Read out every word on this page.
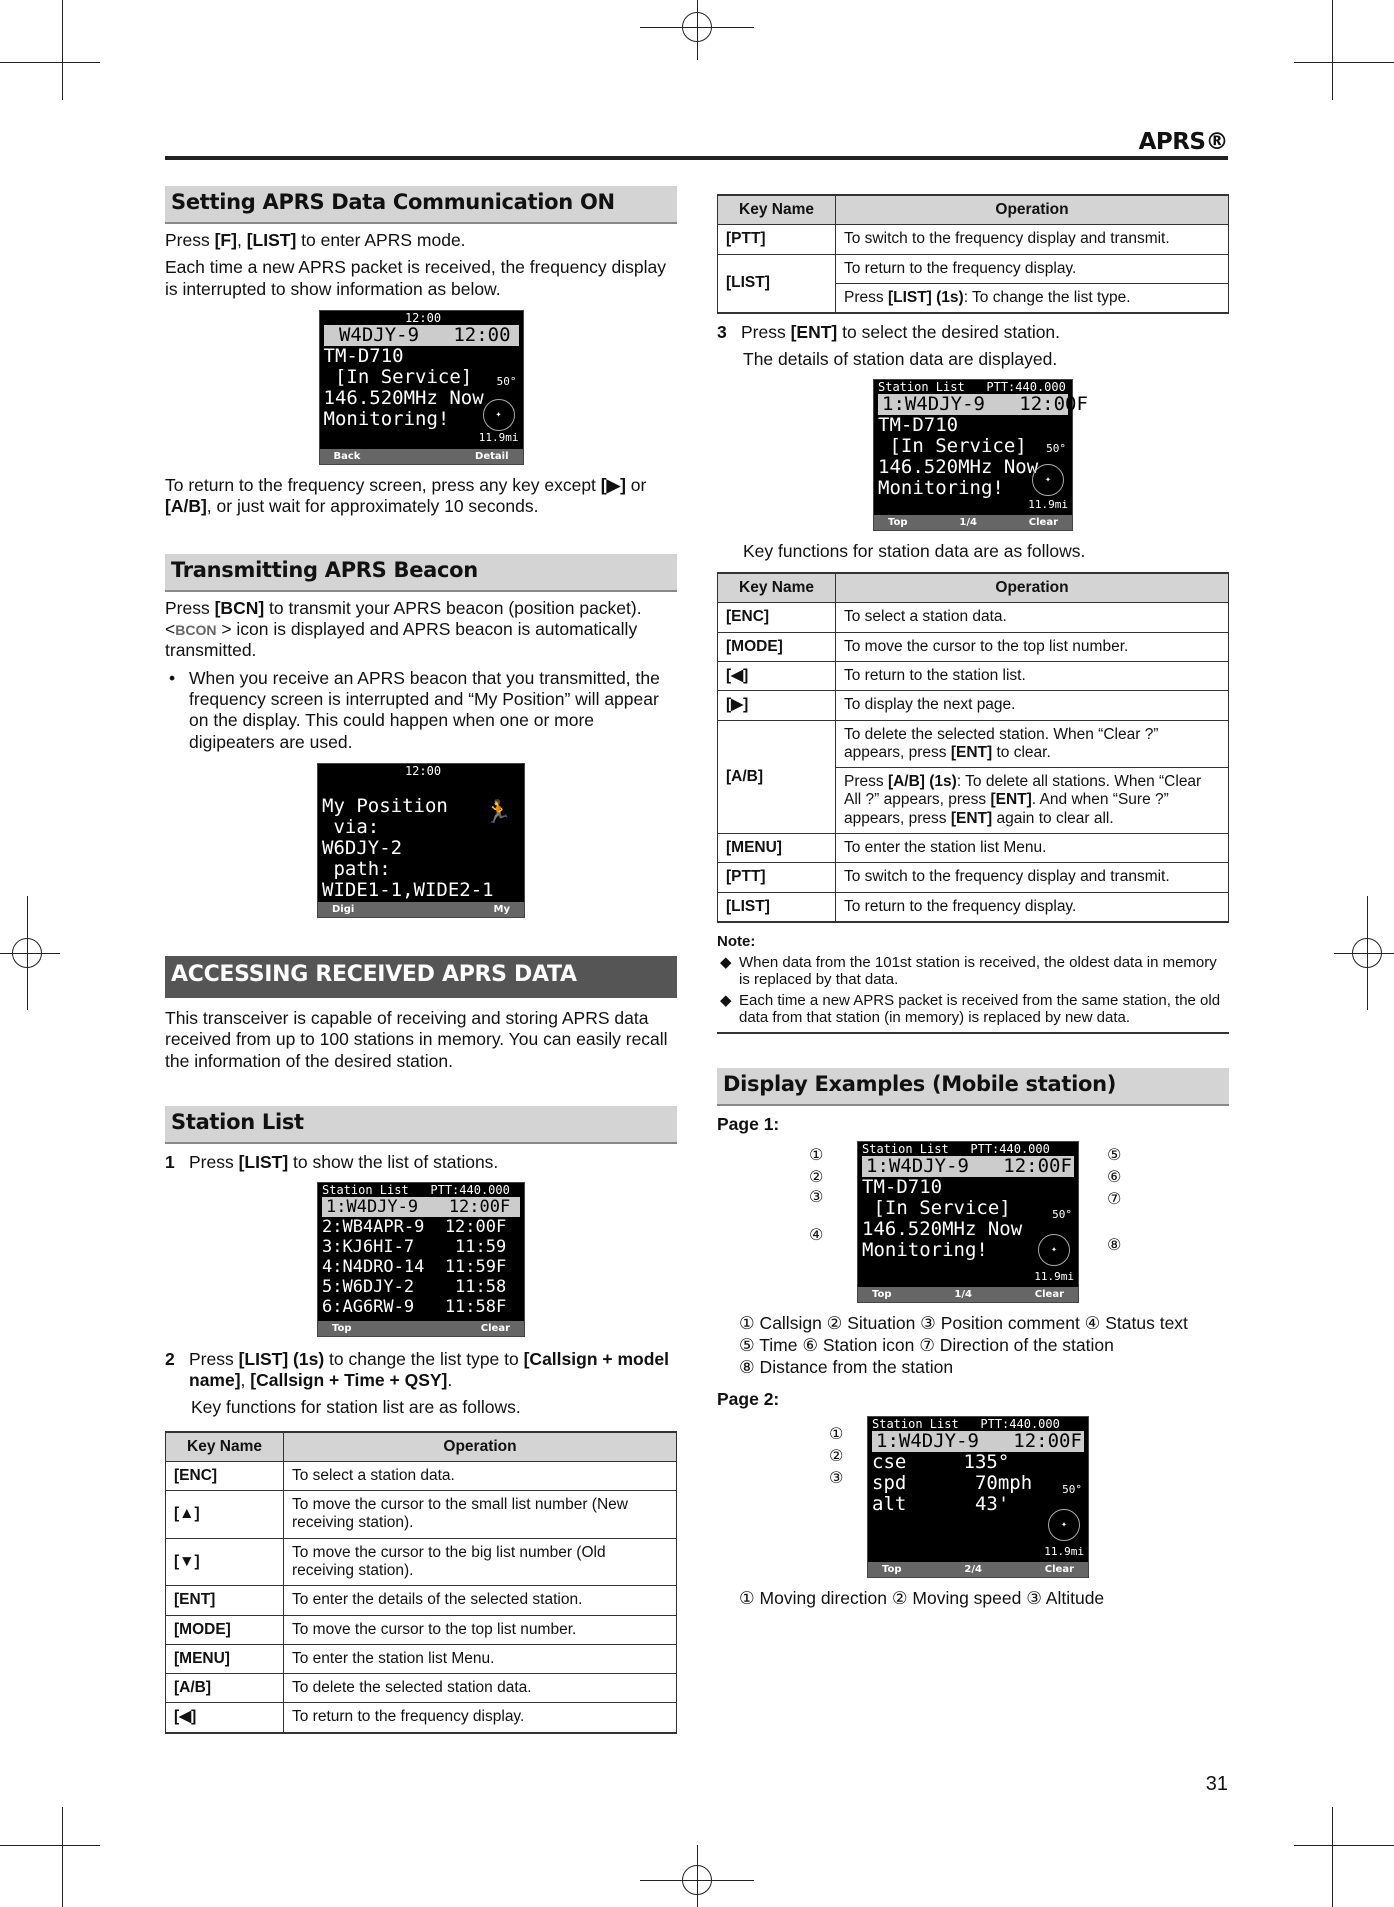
APRS®
Setting APRS Data Communication ON

Press [F], [LIST] to enter APRS mode.

Each time a new APRS packet is received, the frequency display is interrupted to show information as below.

12:00
W4DJY-9   12:00
TM-D710
[In Service]
146.520MHz Now
Monitoring!	✦
50°
11.9mi
Back	Detail

To return to the frequency screen, press any key except [▶] or [A/B], or just wait for approximately 10 seconds.

Transmitting APRS Beacon

Press [BCN] to transmit your APRS beacon (position packet). <BCON > icon is displayed and APRS beacon is automatically transmitted.

• When you receive an APRS beacon that you transmitted, the frequency screen is interrupted and “My Position” will appear on the display. This could happen when one or more digipeaters are used.
12:00
My Position
via:
W6DJY-2
path:
WIDE1-1,WIDE2-1
🏃
Digi	My
ACCESSING RECEIVED APRS DATA

This transceiver is capable of receiving and storing APRS data received from up to 100 stations in memory. You can easily recall the information of the desired station.

Station List
1 Press [LIST] to show the list of stations.
Station List   PTT:440.000
1:W4DJY-9   12:00F
2:WB4APR-9  12:00F
3:KJ6HI-7    11:59
4:N4DRO-14  11:59F
5:W6DJY-2    11:58
6:AG6RW-9   11:58F
Top	Clear
2 Press [LIST] (1s) to change the list type to [Callsign + model name], [Callsign + Time + QSY].

Key functions for station list are as follows.

Key Name	Operation
[ENC]	To select a station data.
[▲]	To move the cursor to the small list number (New receiving station).
[▼]	To move the cursor to the big list number (Old receiving station).
[ENT]	To enter the details of the selected station.
[MODE]	To move the cursor to the top list number.
[MENU]	To enter the station list Menu.
[A/B]	To delete the selected station data.
[◀]	To return to the frequency display.
Key Name	Operation
[PTT]	To switch to the frequency display and transmit.
[LIST]	To return to the frequency display.
	Press [LIST] (1s): To change the list type.
3 Press [ENT] to select the desired station.

The details of station data are displayed.

Station List   PTT:440.000
1:W4DJY-9   12:00F
TM-D710
[In Service]
146.520MHz Now
Monitoring!	✦
50°
11.9mi
Top	1/4	Clear

Key functions for station data are as follows.

Key Name	Operation
[ENC]	To select a station data.
[MODE]	To move the cursor to the top list number.
[◀]	To return to the station list.
[▶]	To display the next page.
[A/B]	To delete the selected station. When “Clear ?” appears, press [ENT] to clear.
	Press [A/B] (1s): To delete all stations. When “Clear All ?” appears, press [ENT]. And when “Sure ?” appears, press [ENT] again to clear all.
[MENU]	To enter the station list Menu.
[PTT]	To switch to the frequency display and transmit.
[LIST]	To return to the frequency display.
Note:
◆ When data from the 101st station is received, the oldest data in memory is replaced by that data.
◆ Each time a new APRS packet is received from the same station, the old data from that station (in memory) is replaced by new data.
Display Examples (Mobile station)

Page 1:

Station List   PTT:440.000
1:W4DJY-9   12:00F
TM-D710
[In Service]
146.520MHz Now
Monitoring!	✦
50°
11.9mi
Top	1/4	Clear
①
②
③
④
⑤
⑥
⑦
⑧
① Callsign ② Situation ③ Position comment ④ Status text
⑤ Time ⑥ Station icon ⑦ Direction of the station
⑧ Distance from the station

Page 2:

Station List   PTT:440.000
1:W4DJY-9   12:00F
cse     135°
spd      70mph
alt      43'
✦
50°
11.9mi
Top	2/4	Clear
①
②
③
① Moving direction ② Moving speed ③ Altitude
31
